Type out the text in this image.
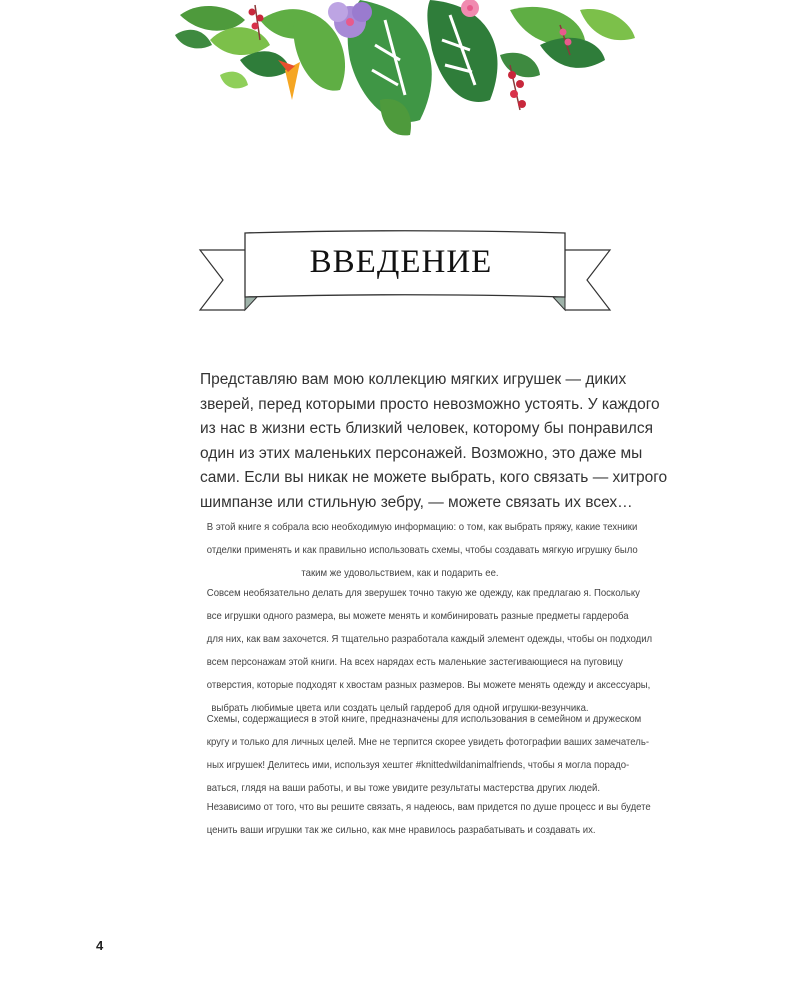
ВВЕДЕНИЕ
Представляю вам мою коллекцию мягких игрушек — диких
зверей, перед которыми просто невозможно устоять. У каждого
из нас в жизни есть близкий человек, которому бы понравился
один из этих маленьких персонажей. Возможно, это даже мы
сами. Если вы никак не можете выбрать, кого связать — хитрого
шимпанзе или стильную зебру, — можете связать их всех…
В этой книге я собрала всю необходимую информацию: о том, как выбрать пряжу, какие техники
отделки применять и как правильно использовать схемы, чтобы создавать мягкую игрушку было
таким же удовольствием, как и подарить ее.
Совсем необязательно делать для зверушек точно такую же одежду, как предлагаю я. Поскольку
все игрушки одного размера, вы можете менять и комбинировать разные предметы гардероба
для них, как вам захочется. Я тщательно разработала каждый элемент одежды, чтобы он подходил
всем персонажам этой книги. На всех нарядах есть маленькие застегивающиеся на пуговицу
отверстия, которые подходят к хвостам разных размеров. Вы можете менять одежду и аксессуары,
выбрать любимые цвета или создать целый гардероб для одной игрушки-везунчика.
Схемы, содержащиеся в этой книге, предназначены для использования в семейном и дружеском
кругу и только для личных целей. Мне не терпится скорее увидеть фотографии ваших замечатель-
ных игрушек! Делитесь ими, используя хештег #knittedwildanimalfriends, чтобы я могла порадо-
ваться, глядя на ваши работы, и вы тоже увидите результаты мастерства других людей.
Независимо от того, что вы решите связать, я надеюсь, вам придется по душе процесс и вы будете
ценить ваши игрушки так же сильно, как мне нравилось разрабатывать и создавать их.
4
